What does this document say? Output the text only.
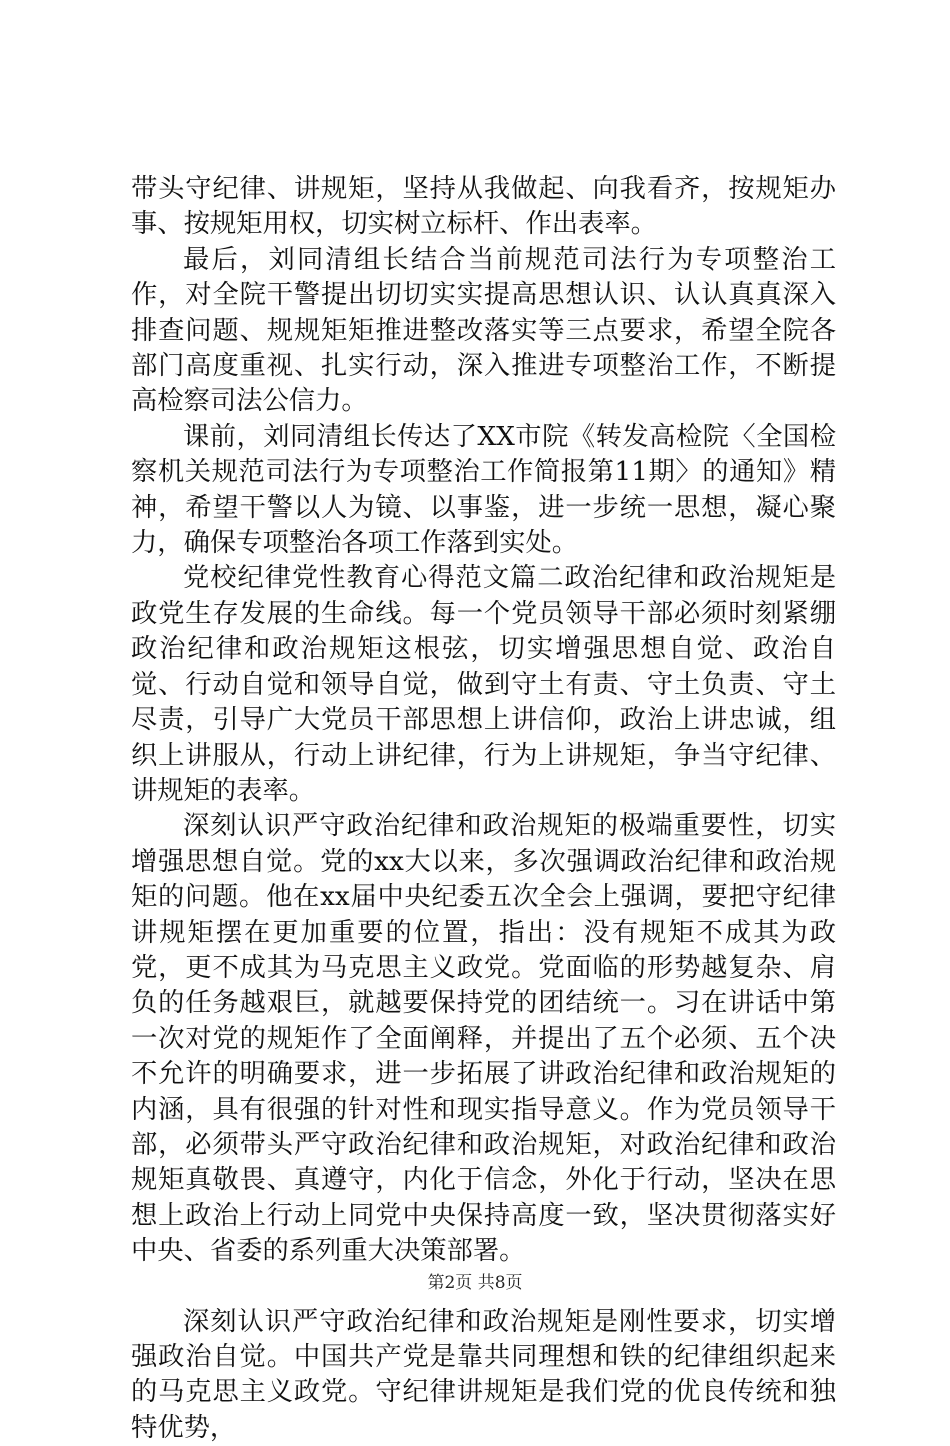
带头守纪律、讲规矩，坚持从我做起、向我看齐，按规矩办事、按规矩用权，切实树立标杆、作出表率。

最后，刘同清组长结合当前规范司法行为专项整治工作，对全院干警提出切切实实提高思想认识、认认真真深入排查问题、规规矩矩推进整改落实等三点要求，希望全院各部门高度重视、扎实行动，深入推进专项整治工作，不断提高检察司法公信力。

课前，刘同清组长传达了XX市院《转发高检院〈全国检察机关规范司法行为专项整治工作简报第11期〉的通知》精神，希望干警以人为镜、以事鉴，进一步统一思想，凝心聚力，确保专项整治各项工作落到实处。

党校纪律党性教育心得范文篇二政治纪律和政治规矩是政党生存发展的生命线。每一个党员领导干部必须时刻紧绷政治纪律和政治规矩这根弦，切实增强思想自觉、政治自觉、行动自觉和领导自觉，做到守土有责、守土负责、守土尽责，引导广大党员干部思想上讲信仰，政治上讲忠诚，组织上讲服从，行动上讲纪律，行为上讲规矩，争当守纪律、讲规矩的表率。

深刻认识严守政治纪律和政治规矩的极端重要性，切实增强思想自觉。党的xx大以来，多次强调政治纪律和政治规矩的问题。他在xx届中央纪委五次全会上强调，要把守纪律讲规矩摆在更加重要的位置，指出：没有规矩不成其为政党，更不成其为马克思主义政党。党面临的形势越复杂、肩负的任务越艰巨，就越要保持党的团结统一。习在讲话中第一次对党的规矩作了全面阐释，并提出了五个必须、五个决不允许的明确要求，进一步拓展了讲政治纪律和政治规矩的内涵，具有很强的针对性和现实指导意义。作为党员领导干部，必须带头严守政治纪律和政治规矩，对政治纪律和政治规矩真敬畏、真遵守，内化于信念，外化于行动，坚决在思想上政治上行动上同党中央保持高度一致，坚决贯彻落实好中央、省委的系列重大决策部署。

深刻认识严守政治纪律和政治规矩是刚性要求，切实增强政治自觉。中国共产党是靠共同理想和铁的纪律组织起来的马克思主义政党。守纪律讲规矩是我们党的优良传统和独特优势，

第2页 共8页
